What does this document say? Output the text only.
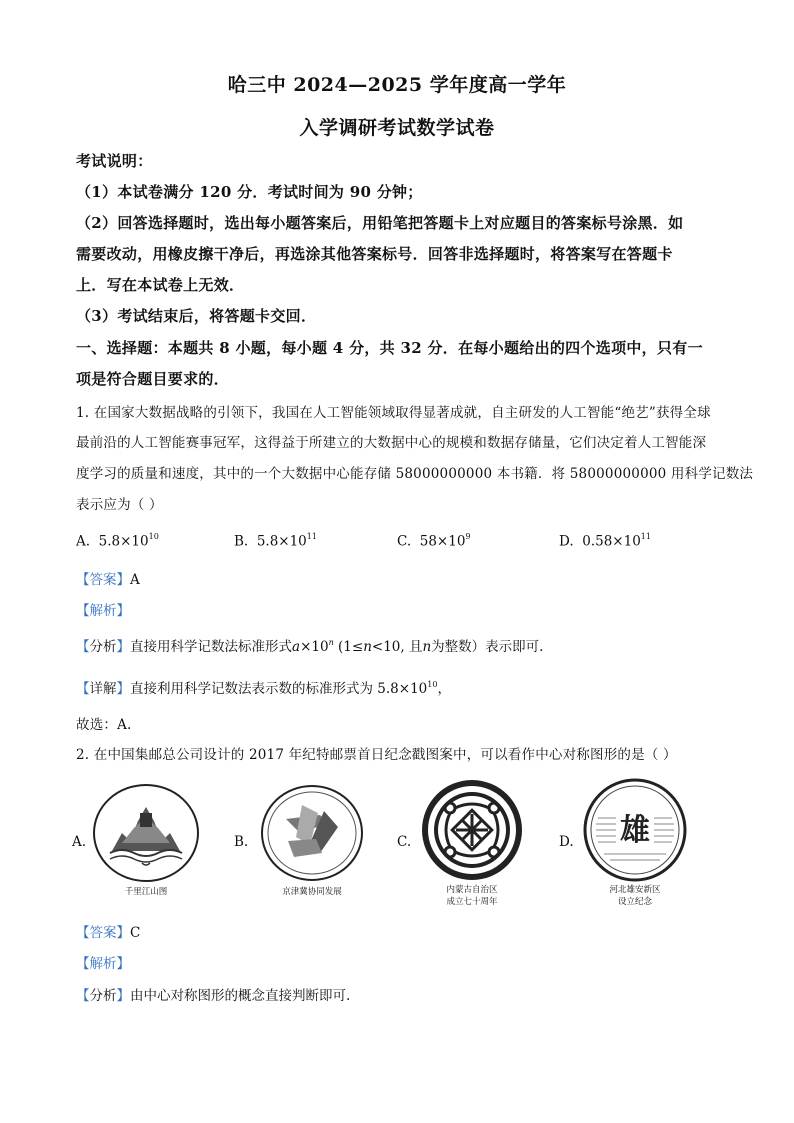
哈三中 2024—2025 学年度高一学年
入学调研考试数学试卷
考试说明：
（1）本试卷满分 120 分．考试时间为 90 分钟；
（2）回答选择题时，选出每小题答案后，用铅笔把答题卡上对应题目的答案标号涂黑．如
需要改动，用橡皮擦干净后，再选涂其他答案标号．回答非选择题时，将答案写在答题卡
上．写在本试卷上无效．
（3）考试结束后，将答题卡交回．
一、选择题：本题共 8 小题，每小题 4 分，共 32 分．在每小题给出的四个选项中，只有一
项是符合题目要求的．
1. 在国家大数据战略的引领下，我国在人工智能领域取得显著成就，自主研发的人工智能“绝艺”获得全球
最前沿的人工智能赛事冠军，这得益于所建立的大数据中心的规模和数据存储量，它们决定着人工智能深
度学习的质量和速度，其中的一个大数据中心能存储 58000000000 本书籍．将 58000000000 用科学记数法
表示应为（ ）
A. $5.8\times 10^{10}$	B. $5.8\times 10^{11}$	C. $58\times 10^9$	D. $0.58\times 10^{11}$
【答案】A
【解析】
【分析】直接用科学记数法标准形式$a\times 10^n$ (1≤n<10, 且n为整数）表示即可.
【详解】直接利用科学记数法表示数的标准形式为 $5.8\times 10^{10}$，
故选：A.
2. 在中国集邮总公司设计的 2017 年纪特邮票首日纪念戳图案中，可以看作中心对称图形的是（ ）
A.	B.	C.	D.
千里江山图	京津冀协同发展	内蒙古自治区
成立七十周年
雄
河北雄安新区
设立纪念
【答案】C
【解析】
【分析】由中心对称图形的概念直接判断即可.
